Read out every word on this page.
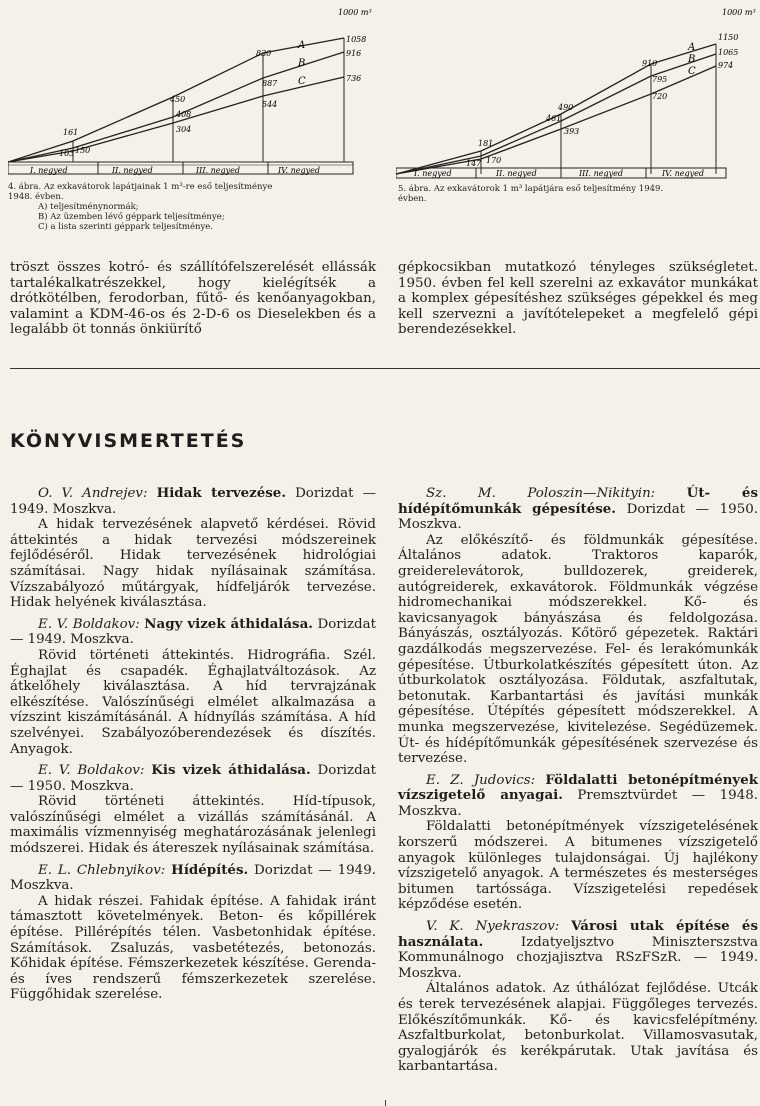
1000 m³
A
B
C
161
150
103
450
408
304
830
887
544
1058
916
736
I. negyed	II. negyed	III. negyed	IV. negyed
4. ábra. Az exkavátorok lapátjainak 1 m³-re eső teljesítménye
1948. évben.
A) teljesítménynormák;
B) Az üzemben lévő géppark teljesítménye;
C) a lista szerinti géppark teljesítménye.
1000 m³
A
B
C
181
170
147
490
461
393
910
795
720
1150
1065
974
I. negyed	II. negyed	III. negyed	IV. negyed
5. ábra. Az exkavátorok 1 m³ lapátjára eső teljesítmény 1949.
évben.

tröszt összes kotró- és szállítófelszerelését ellássák tartalékalkatrészekkel, hogy kielégítsék a drótkötélben, ferodorban, fűtő- és kenőanyagokban, valamint a KDM-46-os és 2-D-6 os Dieselekben és a legalább öt tonnás önkiürítő

gépkocsikban mutatkozó tényleges szükségletet. 1950. évben fel kell szerelni az exkavátor munkákat a komplex gépesítéshez szükséges gépekkel és meg kell szervezni a javítótelepeket a megfelelő gépi berendezésekkel.

KÖNYVISMERTETÉS
O. V. Andrejev: Hidak tervezése. Dorizdat — 1949. Moszkva.
A hidak tervezésének alapvető kérdései. Rövid áttekintés a hidak tervezési módszereinek fejlődéséről. Hidak tervezésének hidrológiai számításai. Nagy hidak nyílásainak számítása. Vízszabályozó műtárgyak, hídfeljárók tervezése. Hidak helyének kiválasztása.
E. V. Boldakov: Nagy vizek áthidalása. Dorizdat — 1949. Moszkva.
Rövid történeti áttekintés. Hidrográfia. Szél. Éghajlat és csapadék. Éghajlatváltozások. Az átkelőhely kiválasztása. A híd tervrajzának elkészítése. Valószínűségi elmélet alkalmazása a vízszint kiszámításánál. A hídnyílás számítása. A híd szelvényei. Szabályozóberendezések és díszítés. Anyagok.
E. V. Boldakov: Kis vizek áthidalása. Dorizdat — 1950. Moszkva.
Rövid történeti áttekintés. Híd-típusok, valószínűségi elmélet a vizállás számításánál. A maximális vízmennyiség meghatározásának jelenlegi módszerei. Hidak és átereszek nyílásainak számítása.
E. L. Chlebnyikov: Hídépítés. Dorizdat — 1949. Moszkva.
A hidak részei. Fahidak építése. A fahidak iránt támasztott követelmények. Beton- és kőpillérek építése. Pillérépítés télen. Vasbetonhidak építése. Számítások. Zsaluzás, vasbetétezés, betonozás. Kőhidak építése. Fémszerkezetek készítése. Gerenda- és íves rendszerű fémszerkezetek szerelése. Függőhidak szerelése.
Sz. M. Poloszin—Nikityin: Út- és hídépítőmunkák gépesítése. Dorizdat — 1950. Moszkva.
Az előkészítő- és földmunkák gépesítése. Általános adatok. Traktoros kaparók, greiderelevátorok, bulldozerek, greiderek, autógreiderek, exkavátorok. Földmunkák végzése hidromechanikai módszerekkel. Kő- és kavicsanyagok bányászása és feldolgozása. Bányászás, osztályozás. Kőtörő gépezetek. Raktári gazdálkodás megszervezése. Fel- és lerakómunkák gépesítése. Útburkolatkészítés gépesített úton. Az útburkolatok osztályozása. Földutak, aszfaltutak, betonutak. Karbantartási és javítási munkák gépesítése. Útépítés gépesített módszerekkel. A munka megszervezése, kivitelezése. Segédüzemek. Út- és hídépítőmunkák gépesítésének szervezése és tervezése.
E. Z. Judovics: Földalatti betonépítmények vízszigetelő anyagai. Premsztvürdet — 1948. Moszkva.
Földalatti betonépítmények vízszigetelésének korszerű módszerei. A bitumenes vízszigetelő anyagok különleges tulajdonságai. Új hajlékony vízszigetelő anyagok. A természetes és mesterséges bitumen tartóssága. Vízszigetelési repedések képződése esetén.
V. K. Nyekraszov: Városi utak építése és használata.	Izdatyeljsztvo Miniszterszstva Kommunálnogo chozjajisztva RSzFSzR. — 1949. Moszkva.
Általános adatok. Az úthálózat fejlődése. Utcák és terek tervezésének alapjai. Függőleges tervezés. Előkészítőmunkák. Kő- és kavicsfelépítmény. Aszfaltburkolat, betonburkolat. Villamosvasutak, gyalogjárók és kerékpárutak. Utak javítása és karbantartása.
